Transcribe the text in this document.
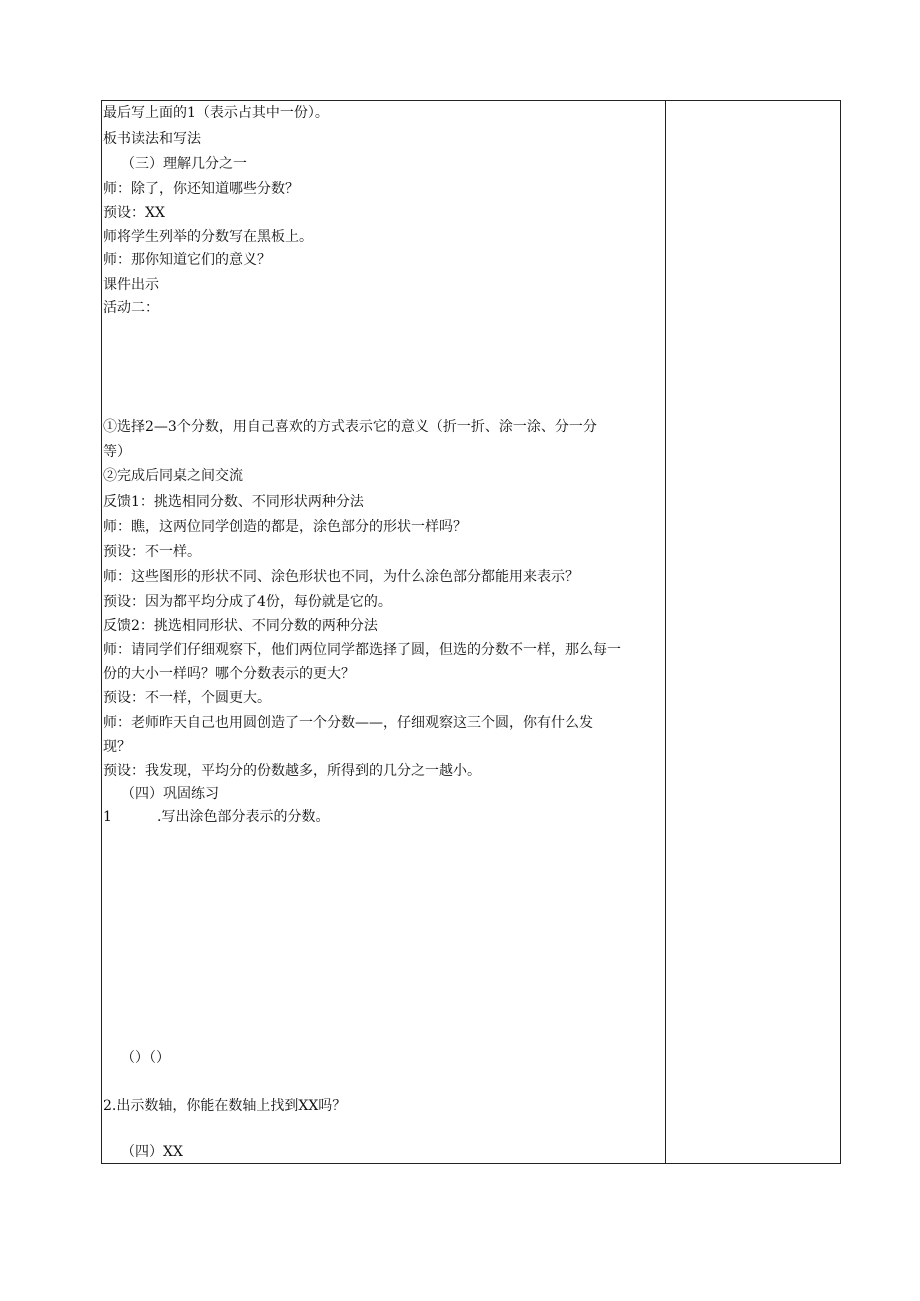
最后写上面的1（表示占其中一份）。
板书读法和写法
（三）理解几分之一
师：除了，你还知道哪些分数？
预设：XX
师将学生列举的分数写在黑板上。
师：那你知道它们的意义？
课件出示
活动二：
①选择2—3个分数，用自己喜欢的方式表示它的意义（折一折、涂一涂、分一分
等）
②完成后同桌之间交流
反馈1：挑选相同分数、不同形状两种分法
师：瞧，这两位同学创造的都是，涂色部分的形状一样吗？
预设：不一样。
师：这些图形的形状不同、涂色形状也不同，为什么涂色部分都能用来表示？
预设：因为都平均分成了4份，每份就是它的。
反馈2：挑选相同形状、不同分数的两种分法
师：请同学们仔细观察下，他们两位同学都选择了圆，但选的分数不一样，那么每一
份的大小一样吗？哪个分数表示的更大？
预设：不一样，个圆更大。
师：老师昨天自己也用圆创造了一个分数——，仔细观察这三个圆，你有什么发
现？
预设：我发现，平均分的份数越多，所得到的几分之一越小。
（四）巩固练习
1	.写出涂色部分表示的分数。
（）（）
2.出示数轴，你能在数轴上找到XX吗？
（四）XX
